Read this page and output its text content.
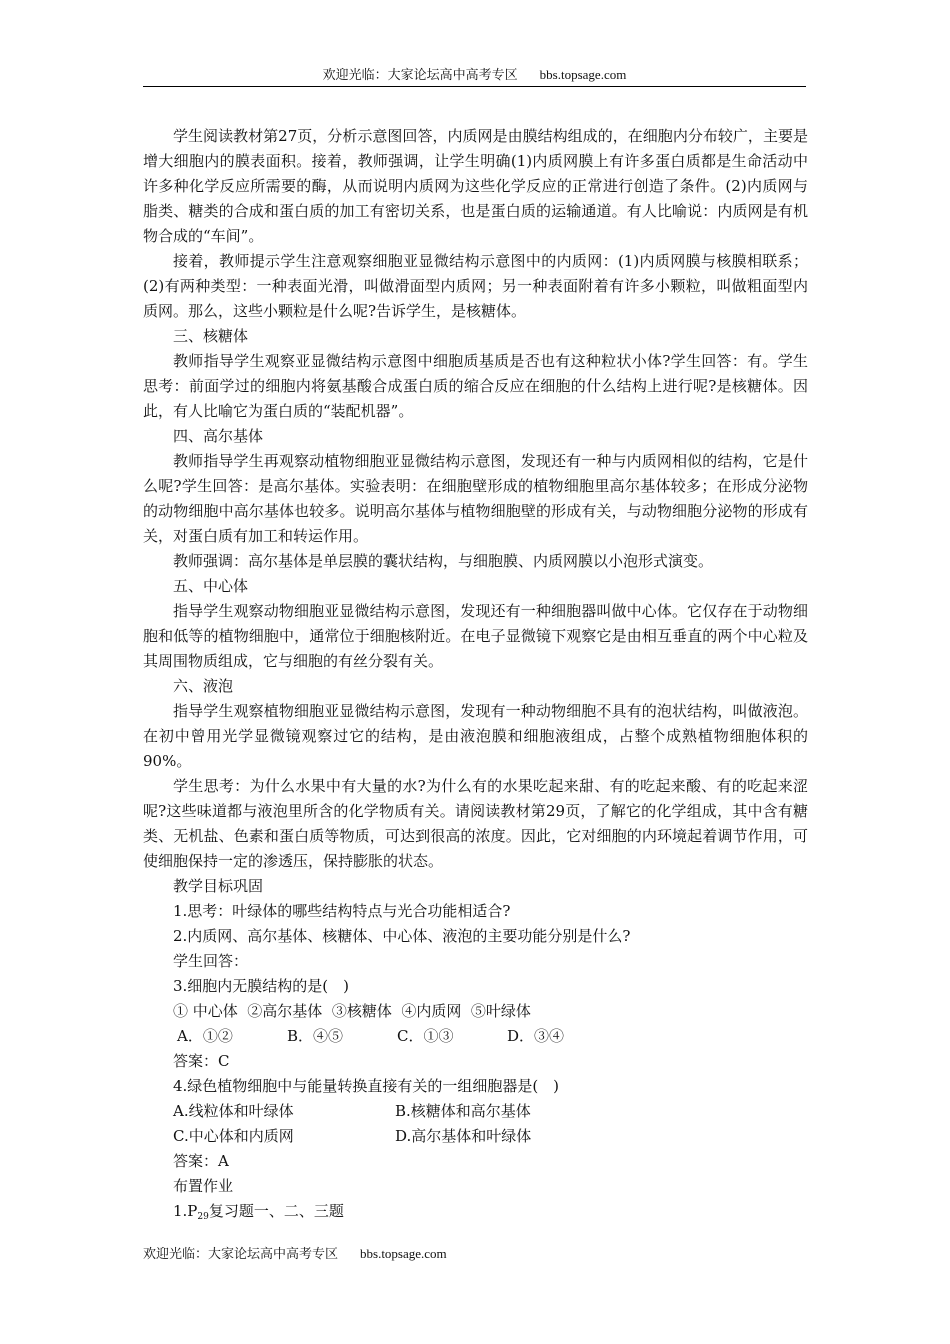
欢迎光临：大家论坛高中高考专区 bbs.topsage.com

学生阅读教材第27页，分析示意图回答，内质网是由膜结构组成的，在细胞内分布较广，主要是增大细胞内的膜表面积。接着，教师强调，让学生明确(1)内质网膜上有许多蛋白质都是生命活动中许多种化学反应所需要的酶，从而说明内质网为这些化学反应的正常进行创造了条件。(2)内质网与脂类、糖类的合成和蛋白质的加工有密切关系，也是蛋白质的运输通道。有人比喻说：内质网是有机物合成的“车间”。

接着，教师提示学生注意观察细胞亚显微结构示意图中的内质网：(1)内质网膜与核膜相联系；(2)有两种类型：一种表面光滑，叫做滑面型内质网；另一种表面附着有许多小颗粒，叫做粗面型内质网。那么，这些小颗粒是什么呢?告诉学生，是核糖体。

三、核糖体

教师指导学生观察亚显微结构示意图中细胞质基质是否也有这种粒状小体?学生回答：有。学生思考：前面学过的细胞内将氨基酸合成蛋白质的缩合反应在细胞的什么结构上进行呢?是核糖体。因此，有人比喻它为蛋白质的“装配机器”。

四、高尔基体

教师指导学生再观察动植物细胞亚显微结构示意图，发现还有一种与内质网相似的结构，它是什么呢?学生回答：是高尔基体。实验表明：在细胞壁形成的植物细胞里高尔基体较多；在形成分泌物的动物细胞中高尔基体也较多。说明高尔基体与植物细胞壁的形成有关，与动物细胞分泌物的形成有关，对蛋白质有加工和转运作用。

教师强调：高尔基体是单层膜的囊状结构，与细胞膜、内质网膜以小泡形式演变。

五、中心体

指导学生观察动物细胞亚显微结构示意图，发现还有一种细胞器叫做中心体。它仅存在于动物细胞和低等的植物细胞中，通常位于细胞核附近。在电子显微镜下观察它是由相互垂直的两个中心粒及其周围物质组成，它与细胞的有丝分裂有关。

六、液泡

指导学生观察植物细胞亚显微结构示意图，发现有一种动物细胞不具有的泡状结构，叫做液泡。在初中曾用光学显微镜观察过它的结构，是由液泡膜和细胞液组成，占整个成熟植物细胞体积的90%。

学生思考：为什么水果中有大量的水?为什么有的水果吃起来甜、有的吃起来酸、有的吃起来涩呢?这些味道都与液泡里所含的化学物质有关。请阅读教材第29页，了解它的化学组成，其中含有糖类、无机盐、色素和蛋白质等物质，可达到很高的浓度。因此，它对细胞的内环境起着调节作用，可使细胞保持一定的渗透压，保持膨胀的状态。

教学目标巩固

1.思考：叶绿体的哪些结构特点与光合功能相适合?

2.内质网、高尔基体、核糖体、中心体、液泡的主要功能分别是什么?

学生回答：

3.细胞内无膜结构的是(　)

① 中心体  ②高尔基体  ③核糖体  ④内质网  ⑤叶绿体

A．①②	B．④⑤	C．①③	D．③④

答案：C

4.绿色植物细胞中与能量转换直接有关的一组细胞器是(　)

A.线粒体和叶绿体	B.核糖体和高尔基体
C.中心体和内质网	D.高尔基体和叶绿体

答案：A

布置作业

$1.P_{29}$复习题一、二、三题

欢迎光临：大家论坛高中高考专区 bbs.topsage.com
